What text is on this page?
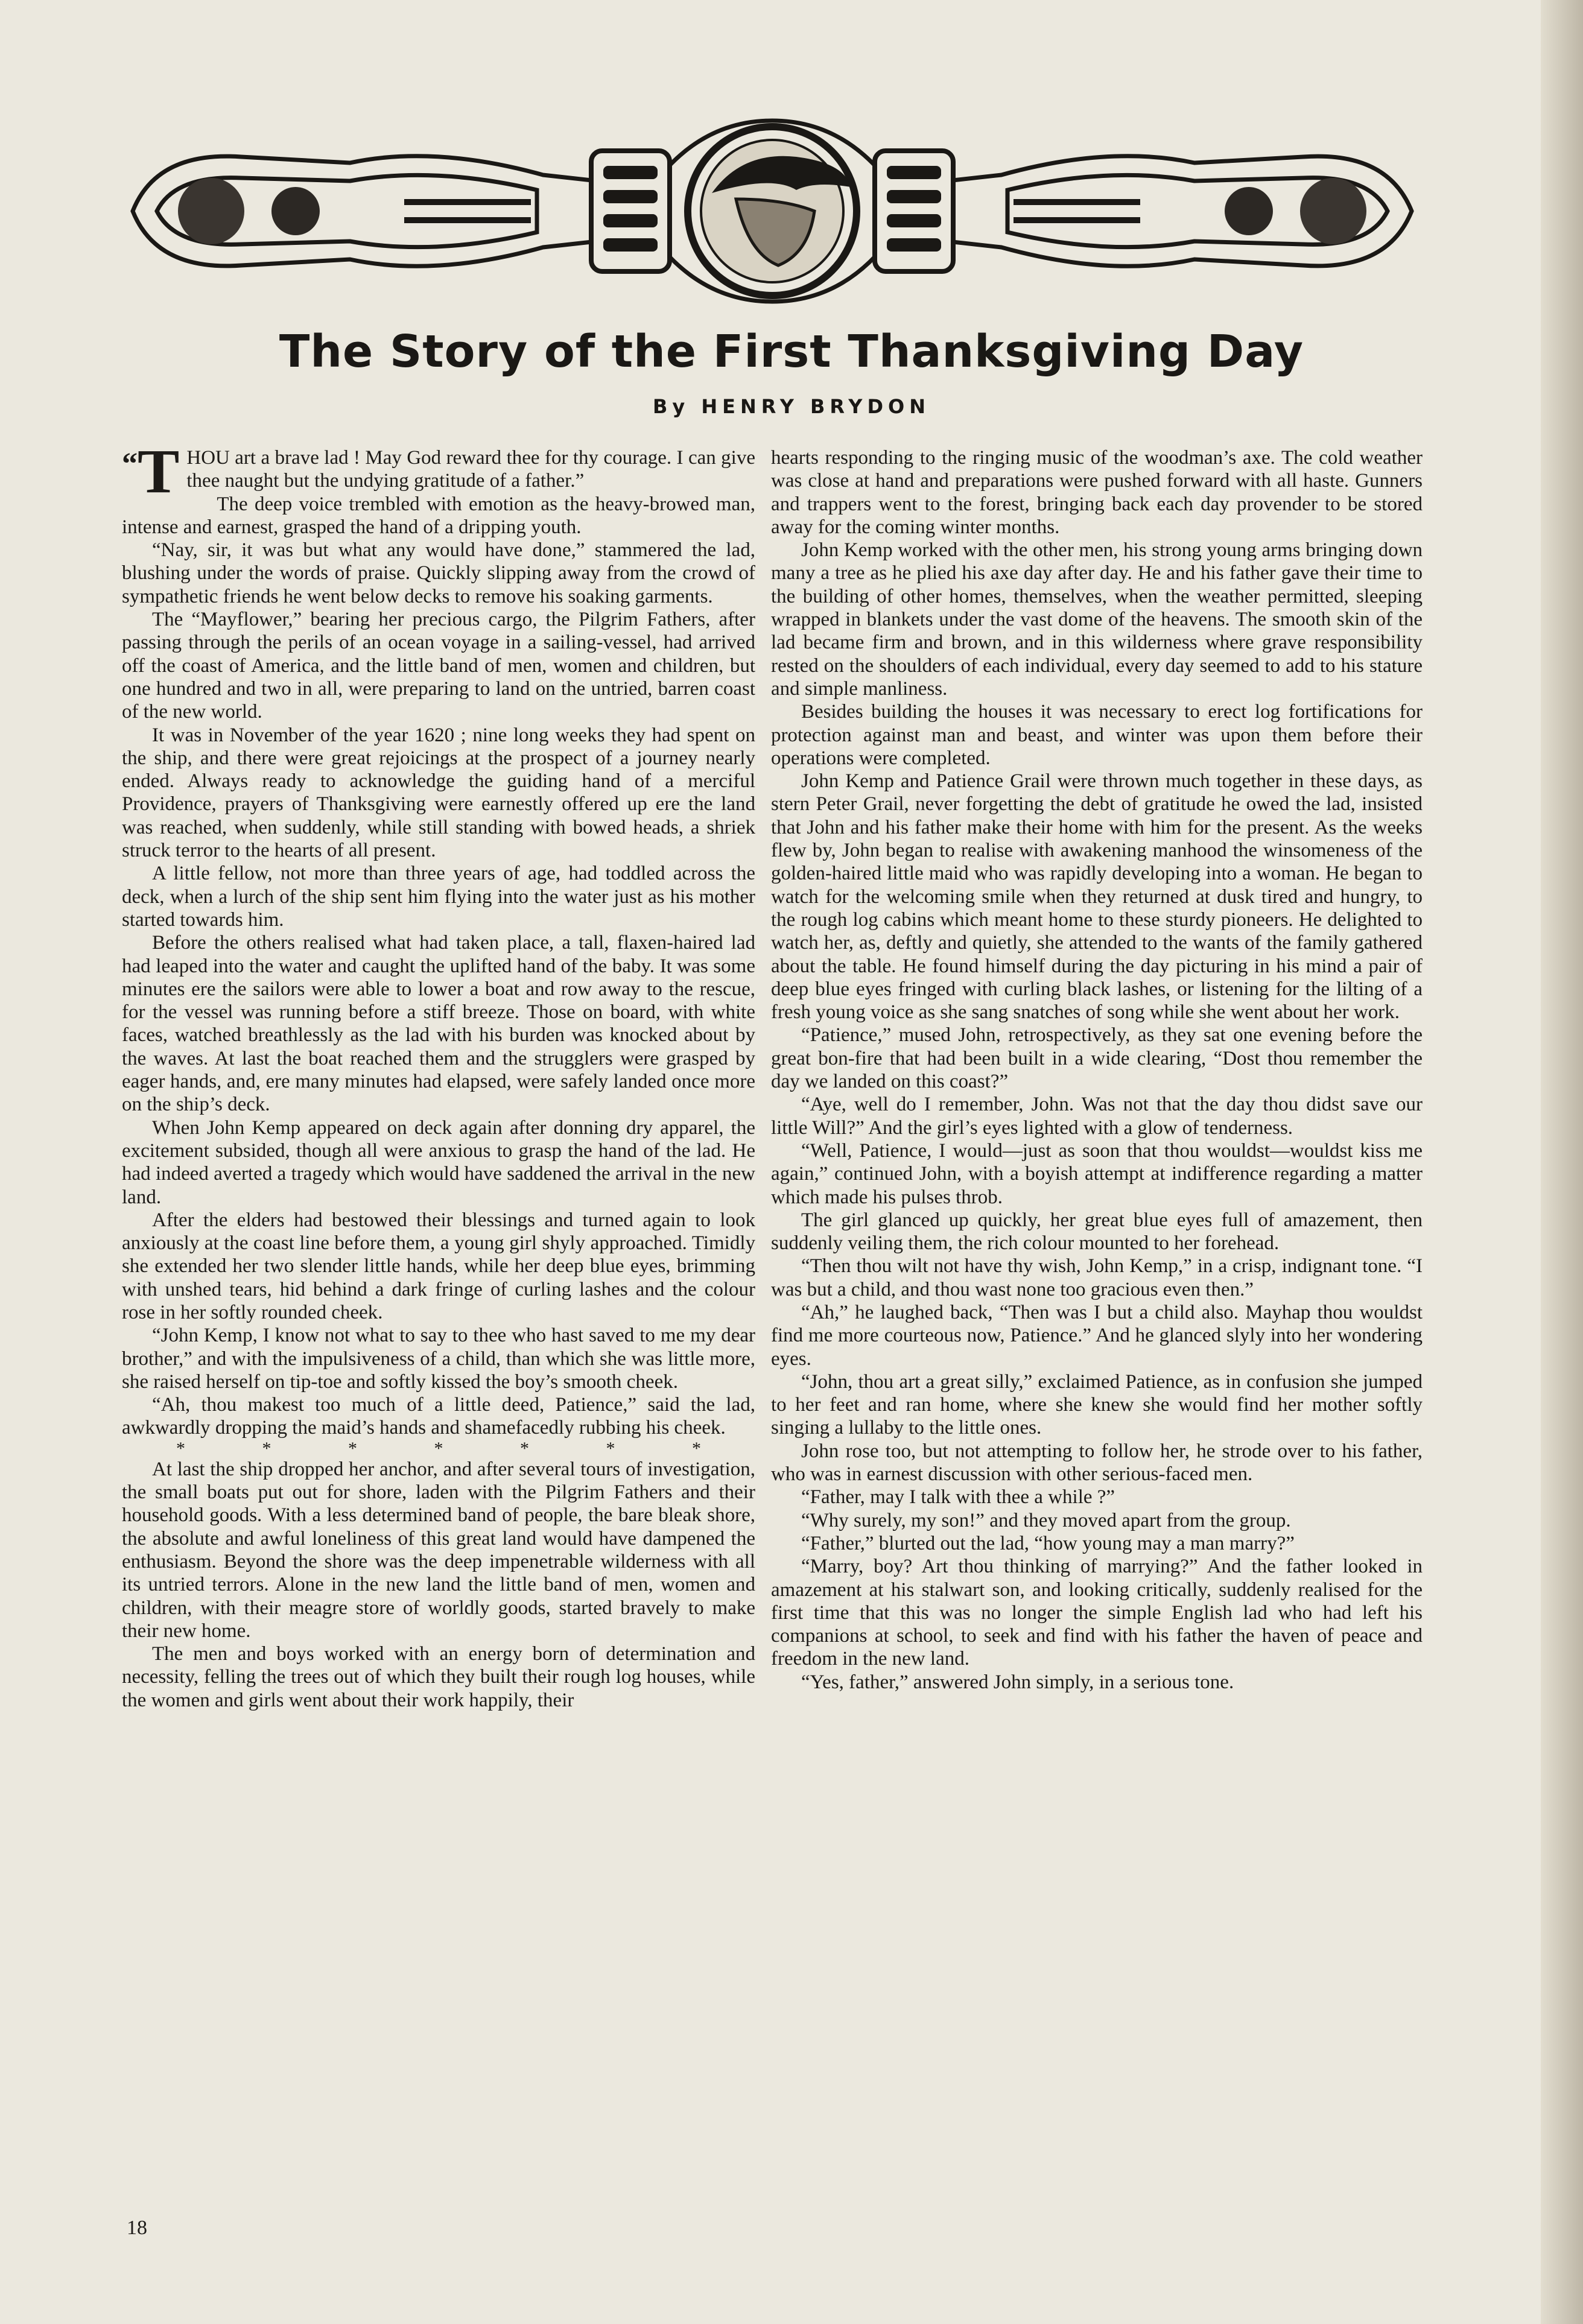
The Story of the First Thanksgiving Day
By HENRY BRYDON

“ T HOU art a brave lad ! May God reward thee for thy courage. I can give thee naught but the undying gratitude of a father.”

The deep voice trembled with emotion as the heavy-browed man, intense and earnest, grasped the hand of a dripping youth.

“Nay, sir, it was but what any would have done,” stammered the lad, blushing under the words of praise. Quickly slipping away from the crowd of sympathetic friends he went below decks to remove his soaking garments.

The “Mayflower,” bearing her precious cargo, the Pilgrim Fathers, after passing through the perils of an ocean voyage in a sailing-vessel, had arrived off the coast of America, and the little band of men, women and children, but one hundred and two in all, were preparing to land on the untried, barren coast of the new world.

It was in November of the year 1620 ; nine long weeks they had spent on the ship, and there were great rejoicings at the prospect of a journey nearly ended. Always ready to acknowledge the guiding hand of a merciful Providence, prayers of Thanksgiving were earnestly offered up ere the land was reached, when suddenly, while still standing with bowed heads, a shriek struck terror to the hearts of all present.

A little fellow, not more than three years of age, had toddled across the deck, when a lurch of the ship sent him flying into the water just as his mother started towards him.

Before the others realised what had taken place, a tall, flaxen-haired lad had leaped into the water and caught the uplifted hand of the baby. It was some minutes ere the sailors were able to lower a boat and row away to the rescue, for the vessel was running before a stiff breeze. Those on board, with white faces, watched breathlessly as the lad with his burden was knocked about by the waves. At last the boat reached them and the strugglers were grasped by eager hands, and, ere many minutes had elapsed, were safely landed once more on the ship’s deck.

When John Kemp appeared on deck again after donning dry apparel, the excitement subsided, though all were anxious to grasp the hand of the lad. He had indeed averted a tragedy which would have saddened the arrival in the new land.

After the elders had bestowed their blessings and turned again to look anxiously at the coast line before them, a young girl shyly approached. Timidly she extended her two slender little hands, while her deep blue eyes, brimming with unshed tears, hid behind a dark fringe of curling lashes and the colour rose in her softly rounded cheek.

“John Kemp, I know not what to say to thee who hast saved to me my dear brother,” and with the impulsiveness of a child, than which she was little more, she raised herself on tip-toe and softly kissed the boy’s smooth cheek.

“Ah, thou makest too much of a little deed, Patience,” said the lad, awkwardly dropping the maid’s hands and shamefacedly rubbing his cheek.

* * * * * * *

At last the ship dropped her anchor, and after several tours of investigation, the small boats put out for shore, laden with the Pilgrim Fathers and their household goods. With a less determined band of people, the bare bleak shore, the absolute and awful loneliness of this great land would have dampened the enthusiasm. Beyond the shore was the deep impenetrable wilderness with all its untried terrors. Alone in the new land the little band of men, women and children, with their meagre store of worldly goods, started bravely to make their new home.

The men and boys worked with an energy born of determination and necessity, felling the trees out of which they built their rough log houses, while the women and girls went about their work happily, their

hearts responding to the ringing music of the woodman’s axe. The cold weather was close at hand and preparations were pushed forward with all haste. Gunners and trappers went to the forest, bringing back each day provender to be stored away for the coming winter months.

John Kemp worked with the other men, his strong young arms bringing down many a tree as he plied his axe day after day. He and his father gave their time to the building of other homes, themselves, when the weather permitted, sleeping wrapped in blankets under the vast dome of the heavens. The smooth skin of the lad became firm and brown, and in this wilderness where grave responsibility rested on the shoulders of each individual, every day seemed to add to his stature and simple manliness.

Besides building the houses it was necessary to erect log fortifications for protection against man and beast, and winter was upon them before their operations were completed.

John Kemp and Patience Grail were thrown much together in these days, as stern Peter Grail, never forgetting the debt of gratitude he owed the lad, insisted that John and his father make their home with him for the present. As the weeks flew by, John began to realise with awakening manhood the winsomeness of the golden-haired little maid who was rapidly developing into a woman. He began to watch for the welcoming smile when they returned at dusk tired and hungry, to the rough log cabins which meant home to these sturdy pioneers. He delighted to watch her, as, deftly and quietly, she attended to the wants of the family gathered about the table. He found himself during the day picturing in his mind a pair of deep blue eyes fringed with curling black lashes, or listening for the lilting of a fresh young voice as she sang snatches of song while she went about her work.

“Patience,” mused John, retrospectively, as they sat one evening before the great bon-fire that had been built in a wide clearing, “Dost thou remember the day we landed on this coast?”

“Aye, well do I remember, John. Was not that the day thou didst save our little Will?” And the girl’s eyes lighted with a glow of tenderness.

“Well, Patience, I would—just as soon that thou wouldst—wouldst kiss me again,” continued John, with a boyish attempt at indifference regarding a matter which made his pulses throb.

The girl glanced up quickly, her great blue eyes full of amazement, then suddenly veiling them, the rich colour mounted to her forehead.

“Then thou wilt not have thy wish, John Kemp,” in a crisp, indignant tone. “I was but a child, and thou wast none too gracious even then.”

“Ah,” he laughed back, “Then was I but a child also. Mayhap thou wouldst find me more courteous now, Patience.” And he glanced slyly into her wondering eyes.

“John, thou art a great silly,” exclaimed Patience, as in confusion she jumped to her feet and ran home, where she knew she would find her mother softly singing a lullaby to the little ones.

John rose too, but not attempting to follow her, he strode over to his father, who was in earnest discussion with other serious-faced men.

“Father, may I talk with thee a while ?”

“Why surely, my son!” and they moved apart from the group.

“Father,” blurted out the lad, “how young may a man marry?”

“Marry, boy? Art thou thinking of marrying?” And the father looked in amazement at his stalwart son, and looking critically, suddenly realised for the first time that this was no longer the simple English lad who had left his companions at school, to seek and find with his father the haven of peace and freedom in the new land.

“Yes, father,” answered John simply, in a serious tone.

18
